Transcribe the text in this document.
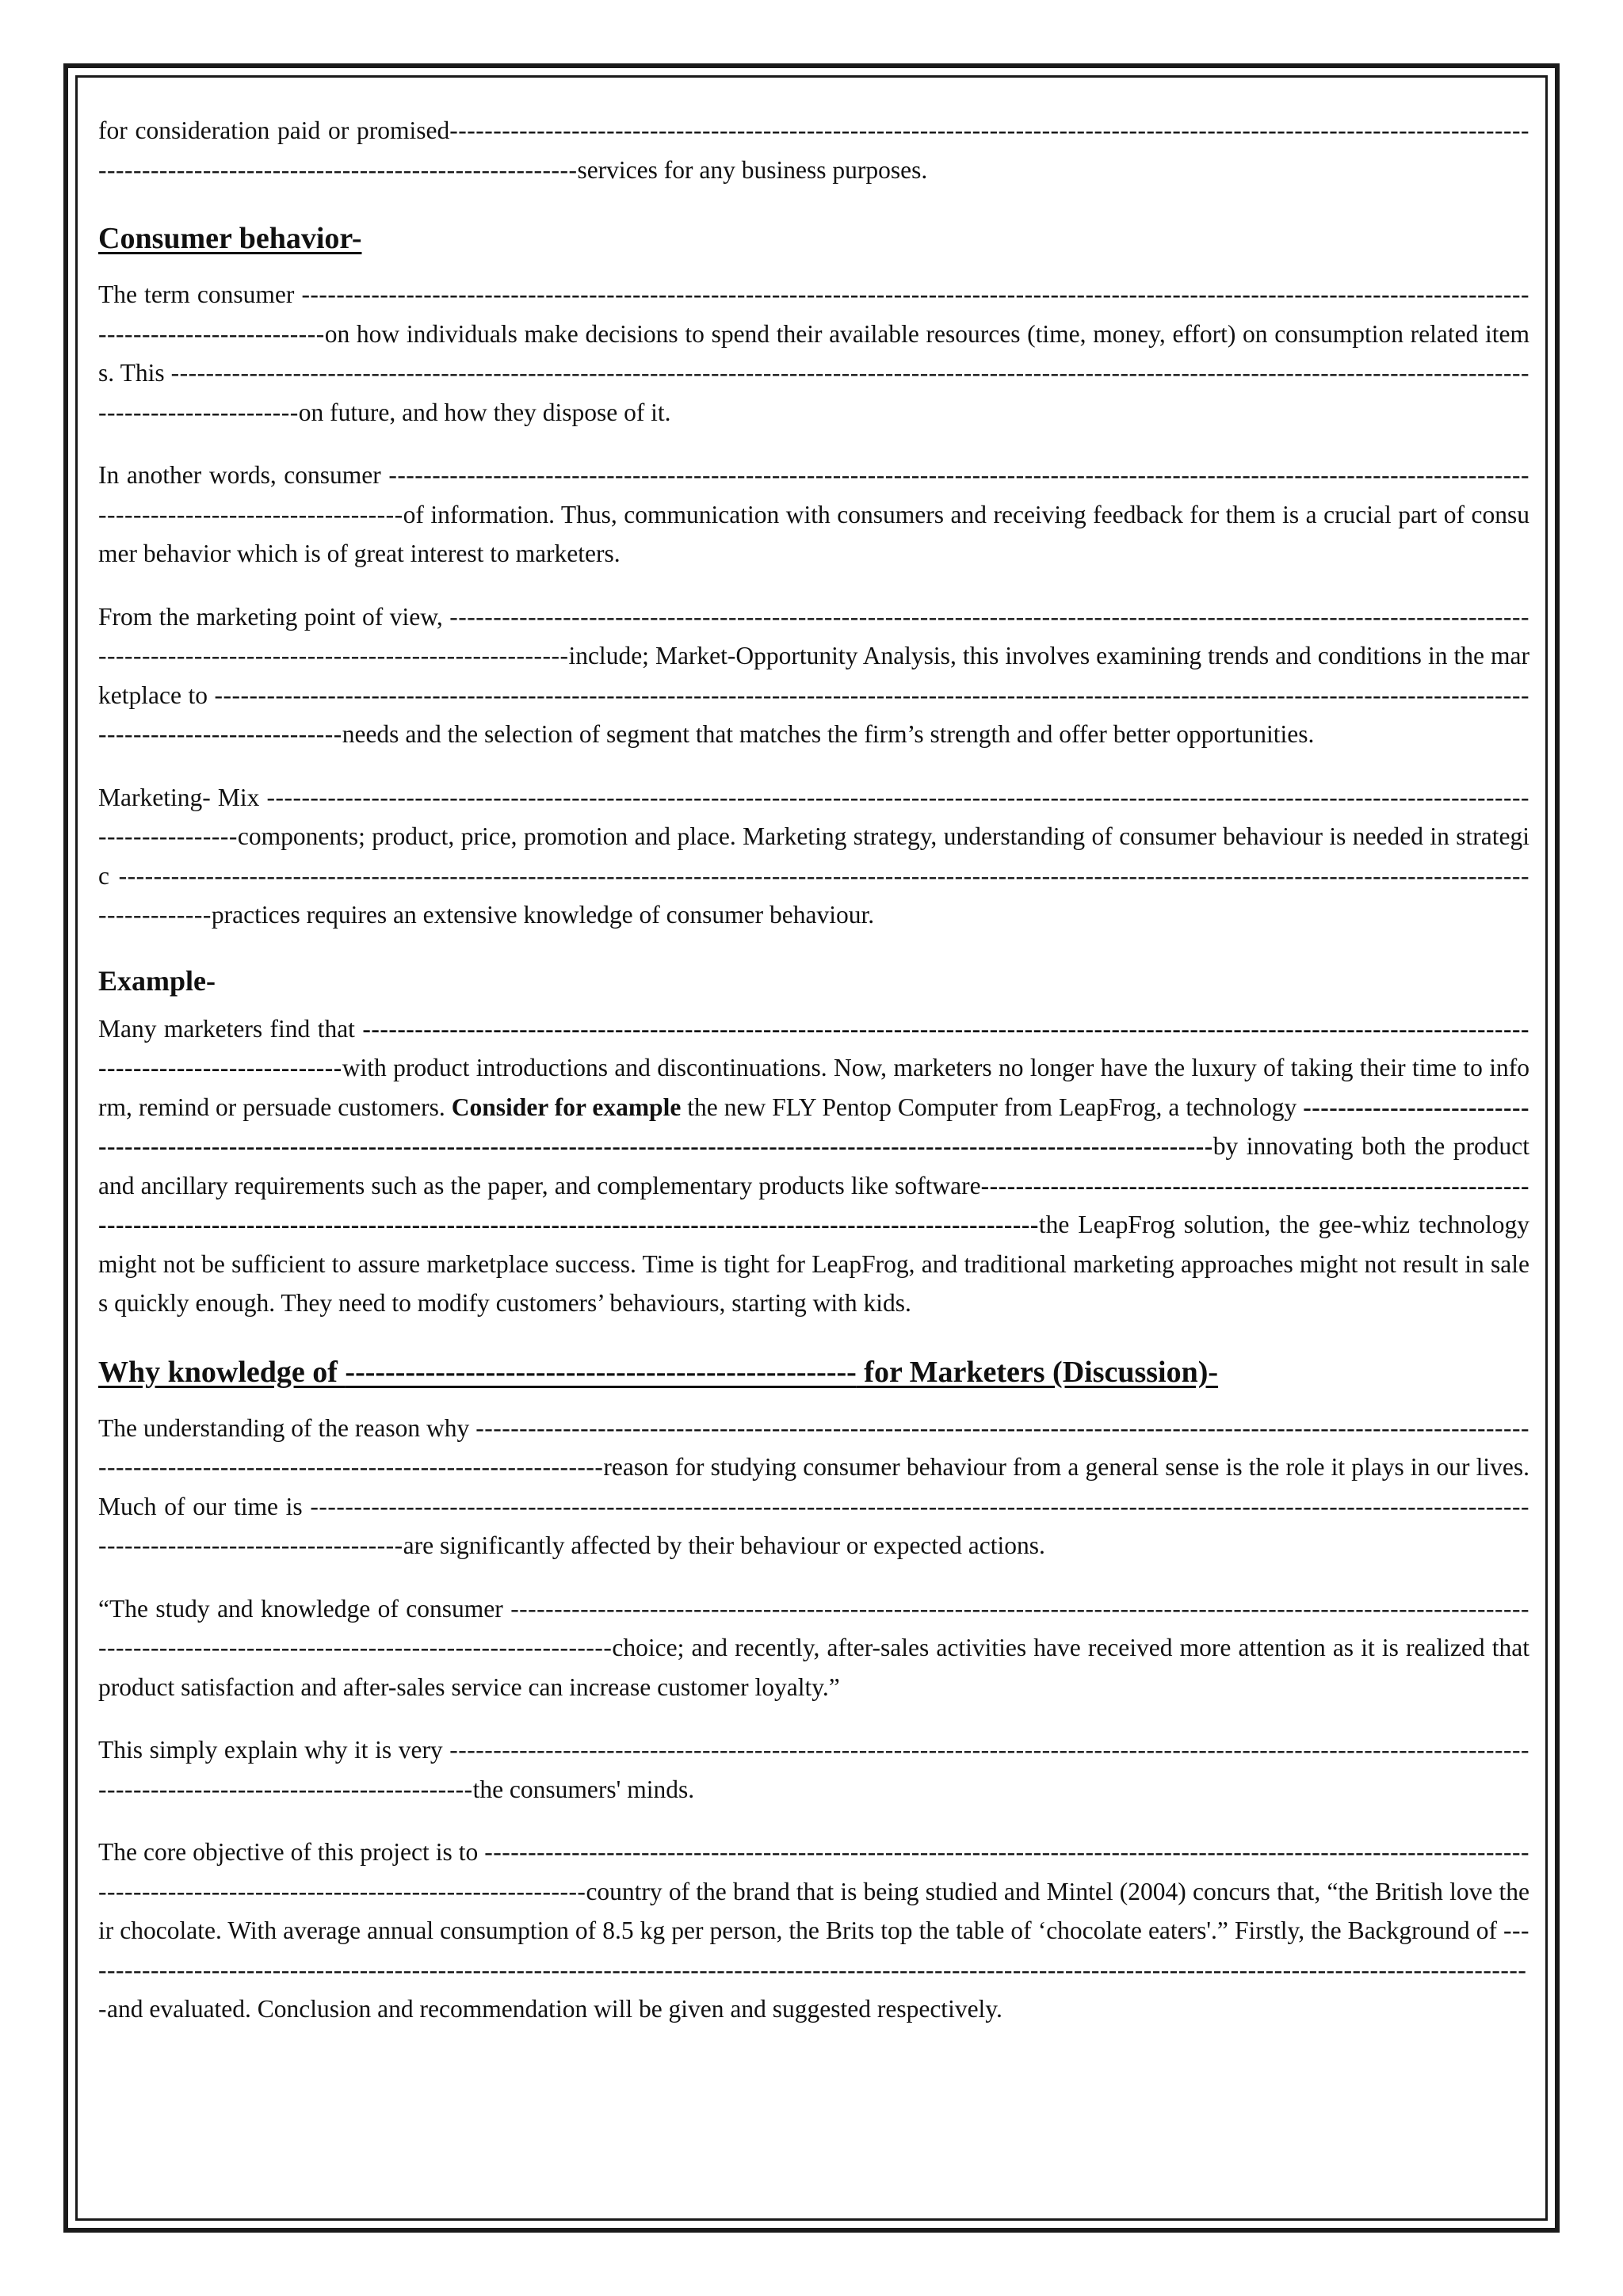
for consideration paid or promised-----------------------------------------------------------------------------------------------------------------------------------------------------------------------------------services for any business purposes.

Consumer behavior-

The term consumer -----------------------------------------------------------------------------------------------------------------------------------------------------------------------on how individuals make decisions to spend their available resources (time, money, effort) on consumption related items. This -----------------------------------------------------------------------------------------------------------------------------------------------------------------------------------on future, and how they dispose of it.

In another words, consumer ----------------------------------------------------------------------------------------------------------------------------------------------------------------------of information. Thus, communication with consumers and receiving feedback for them is a crucial part of consumer behavior which is of great interest to marketers.

From the marketing point of view, ----------------------------------------------------------------------------------------------------------------------------------------------------------------------------------include; Market-Opportunity Analysis, this involves examining trends and conditions in the marketplace to -----------------------------------------------------------------------------------------------------------------------------------------------------------------------------------needs and the selection of segment that matches the firm’s strength and offer better opportunities.

Marketing- Mix -----------------------------------------------------------------------------------------------------------------------------------------------------------------components; product, price, promotion and place. Marketing strategy, understanding of consumer behaviour is needed in strategic -------------------------------------------------------------------------------------------------------------------------------------------------------------------------------practices requires an extensive knowledge of consumer behaviour.

Example-

Many marketers find that ------------------------------------------------------------------------------------------------------------------------------------------------------------------with product introductions and discontinuations. Now, marketers no longer have the luxury of taking their time to inform, remind or persuade customers. Consider for example the new FLY Pentop Computer from LeapFrog, a technology ----------------------------------------------------------------------------------------------------------------------------------------------------------by innovating both the product and ancillary requirements such as the paper, and complementary products like software---------------------------------------------------------------------------------------------------------------------------------------------------------------------------the LeapFrog solution, the gee-whiz technology might not be sufficient to assure marketplace success. Time is tight for LeapFrog, and traditional marketing approaches might not result in sales quickly enough. They need to modify customers’ behaviours, starting with kids.

Why knowledge of --------------------------------------------------- for Marketers (Discussion)-

The understanding of the reason why -----------------------------------------------------------------------------------------------------------------------------------------------------------------------------------reason for studying consumer behaviour from a general sense is the role it plays in our lives. Much of our time is -------------------------------------------------------------------------------------------------------------------------------------------------------------------------------are significantly affected by their behaviour or expected actions.

“The study and knowledge of consumer --------------------------------------------------------------------------------------------------------------------------------------------------------------------------------choice; and recently, after-sales activities have received more attention as it is realized that product satisfaction and after-sales service can increase customer loyalty.”

This simply explain why it is very -----------------------------------------------------------------------------------------------------------------------------------------------------------------------the consumers' minds.

The core objective of this project is to --------------------------------------------------------------------------------------------------------------------------------------------------------------------------------country of the brand that is being studied and Mintel (2004) concurs that, “the British love their chocolate. With average annual consumption of 8.5 kg per person, the Brits top the table of ‘chocolate eaters'.” Firstly, the Background of ------------------------------------------------------------------------------------------------------------------------------------------------------------------------and evaluated. Conclusion and recommendation will be given and suggested respectively.
